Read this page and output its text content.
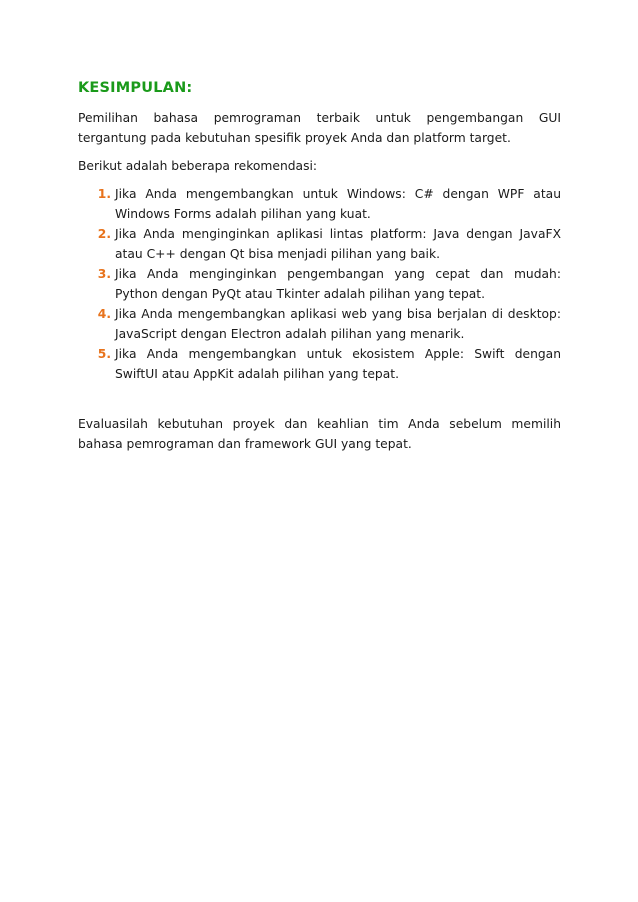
KESIMPULAN:

Pemilihan bahasa pemrograman terbaik untuk pengembangan GUI tergantung pada kebutuhan spesifik proyek Anda dan platform target.

Berikut adalah beberapa rekomendasi:

1. Jika Anda mengembangkan untuk Windows: C# dengan WPF atau Windows Forms adalah pilihan yang kuat.
2. Jika Anda menginginkan aplikasi lintas platform: Java dengan JavaFX atau C++ dengan Qt bisa menjadi pilihan yang baik.
3. Jika Anda menginginkan pengembangan yang cepat dan mudah: Python dengan PyQt atau Tkinter adalah pilihan yang tepat.
4. Jika Anda mengembangkan aplikasi web yang bisa berjalan di desktop: JavaScript dengan Electron adalah pilihan yang menarik.
5. Jika Anda mengembangkan untuk ekosistem Apple: Swift dengan SwiftUI atau AppKit adalah pilihan yang tepat.

Evaluasilah kebutuhan proyek dan keahlian tim Anda sebelum memilih bahasa pemrograman dan framework GUI yang tepat.
